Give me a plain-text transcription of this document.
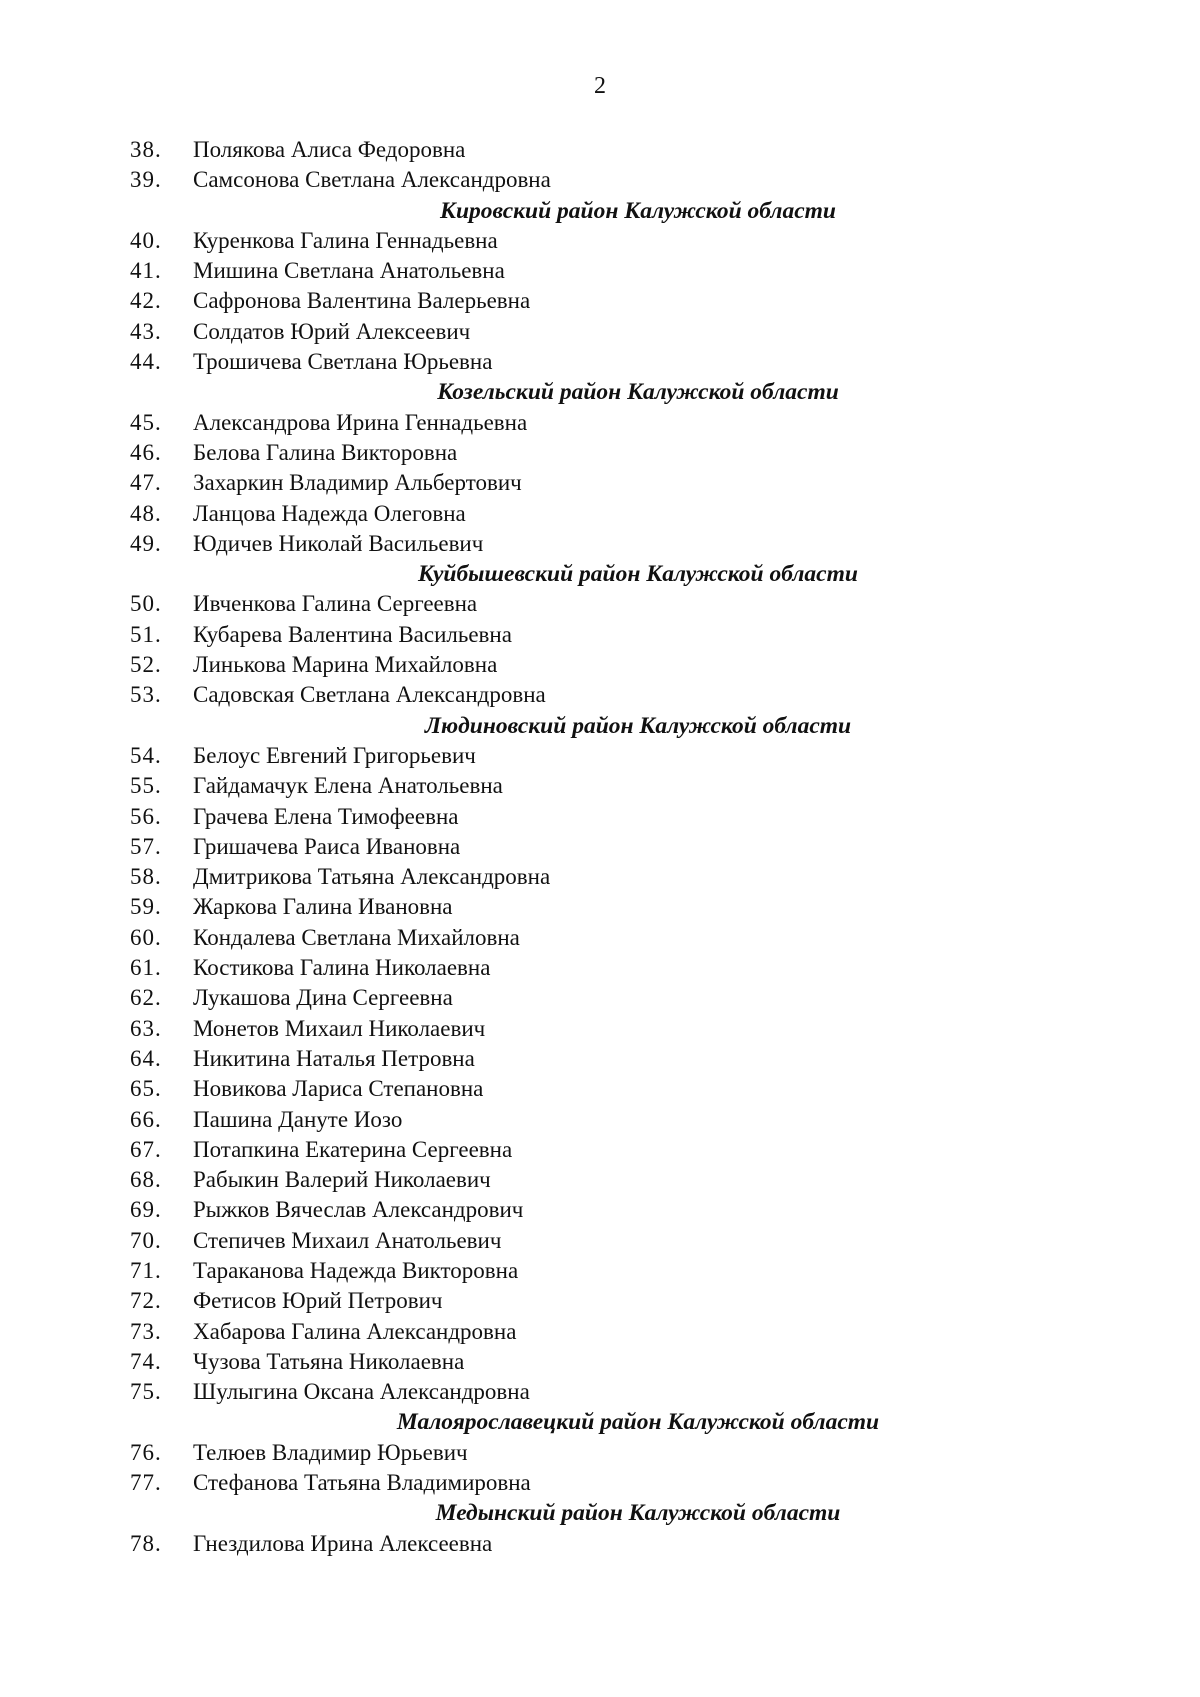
2
38. Полякова Алиса Федоровна
39. Самсонова Светлана Александровна
Кировский район Калужской области
40. Куренкова Галина Геннадьевна
41. Мишина Светлана Анатольевна
42. Сафронова Валентина Валерьевна
43. Солдатов Юрий Алексеевич
44. Трошичева Светлана Юрьевна
Козельский район Калужской области
45. Александрова Ирина Геннадьевна
46. Белова Галина Викторовна
47. Захаркин Владимир Альбертович
48. Ланцова Надежда Олеговна
49. Юдичев Николай Васильевич
Куйбышевский район Калужской области
50. Ивченкова Галина Сергеевна
51. Кубарева Валентина Васильевна
52. Линькова Марина Михайловна
53. Садовская Светлана Александровна
Людиновский район Калужской области
54. Белоус Евгений Григорьевич
55. Гайдамачук Елена Анатольевна
56. Грачева Елена Тимофеевна
57. Гришачева Раиса Ивановна
58. Дмитрикова Татьяна Александровна
59. Жаркова Галина Ивановна
60. Кондалева Светлана Михайловна
61. Костикова Галина Николаевна
62. Лукашова Дина Сергеевна
63. Монетов Михаил Николаевич
64. Никитина Наталья Петровна
65. Новикова Лариса Степановна
66. Пашина Дануте Иозо
67. Потапкина Екатерина Сергеевна
68. Рабыкин Валерий Николаевич
69. Рыжков Вячеслав Александрович
70. Степичев Михаил Анатольевич
71. Тараканова Надежда Викторовна
72. Фетисов Юрий Петрович
73. Хабарова Галина Александровна
74. Чузова Татьяна Николаевна
75. Шулыгина Оксана Александровна
Малоярославецкий район Калужской области
76. Телюев Владимир Юрьевич
77. Стефанова Татьяна Владимировна
Медынский район Калужской области
78. Гнездилова Ирина Алексеевна
